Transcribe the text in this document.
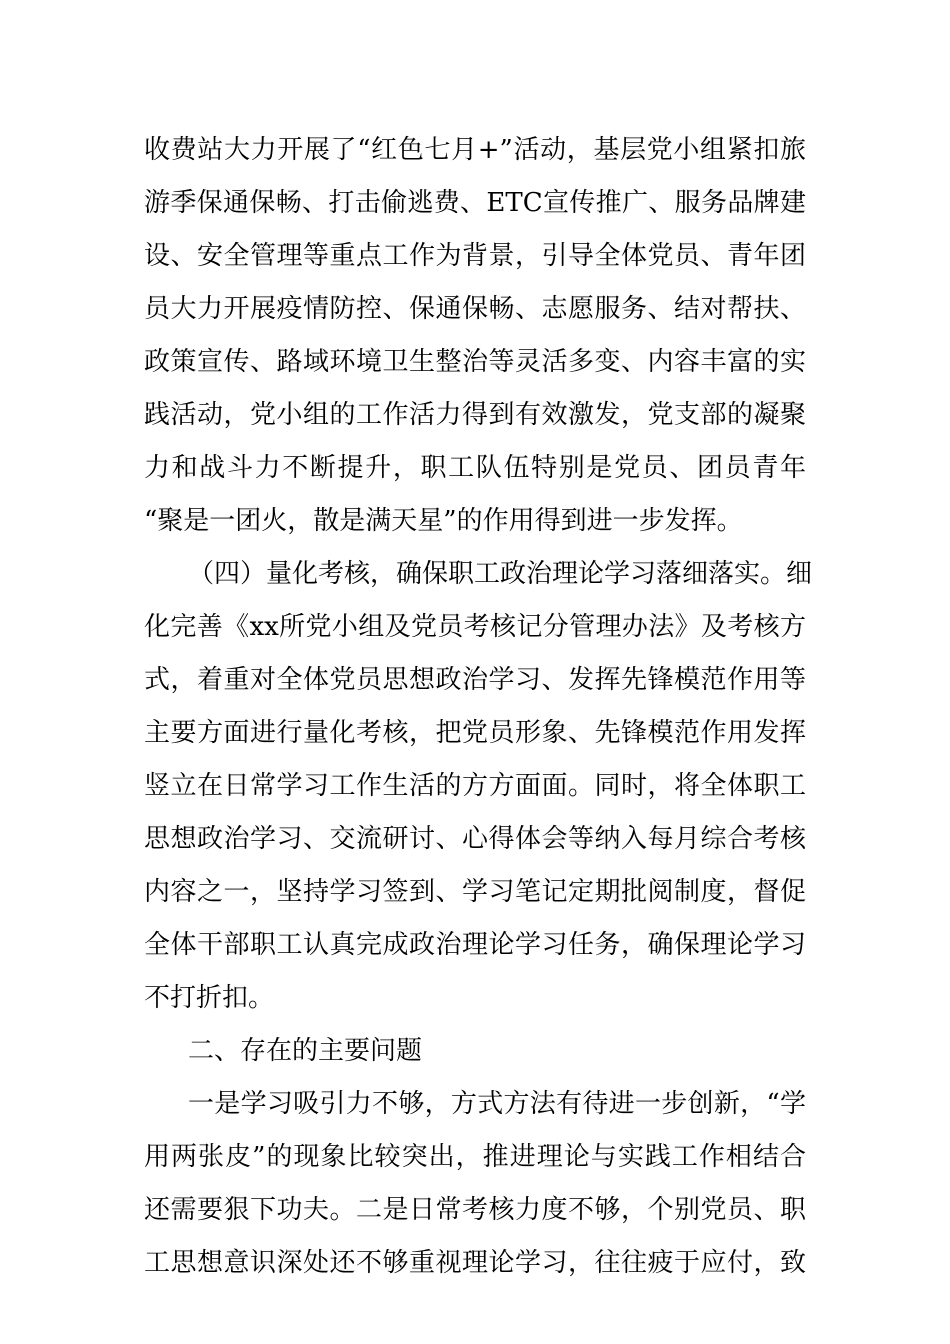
收费站大力开展了“红色七月+”活动，基层党小组紧扣旅
游季保通保畅、打击偷逃费、ETC宣传推广、服务品牌建
设、安全管理等重点工作为背景，引导全体党员、青年团
员大力开展疫情防控、保通保畅、志愿服务、结对帮扶、
政策宣传、路域环境卫生整治等灵活多变、内容丰富的实
践活动，党小组的工作活力得到有效激发，党支部的凝聚
力和战斗力不断提升，职工队伍特别是党员、团员青年
“聚是一团火，散是满天星”的作用得到进一步发挥。
（四）量化考核，确保职工政治理论学习落细落实。细
化完善《xx所党小组及党员考核记分管理办法》及考核方
式，着重对全体党员思想政治学习、发挥先锋模范作用等
主要方面进行量化考核，把党员形象、先锋模范作用发挥
竖立在日常学习工作生活的方方面面。同时，将全体职工
思想政治学习、交流研讨、心得体会等纳入每月综合考核
内容之一，坚持学习签到、学习笔记定期批阅制度，督促
全体干部职工认真完成政治理论学习任务，确保理论学习
不打折扣。
二、存在的主要问题
一是学习吸引力不够，方式方法有待进一步创新，“学
用两张皮”的现象比较突出，推进理论与实践工作相结合
还需要狠下功夫。二是日常考核力度不够，个别党员、职
工思想意识深处还不够重视理论学习，往往疲于应付，致
